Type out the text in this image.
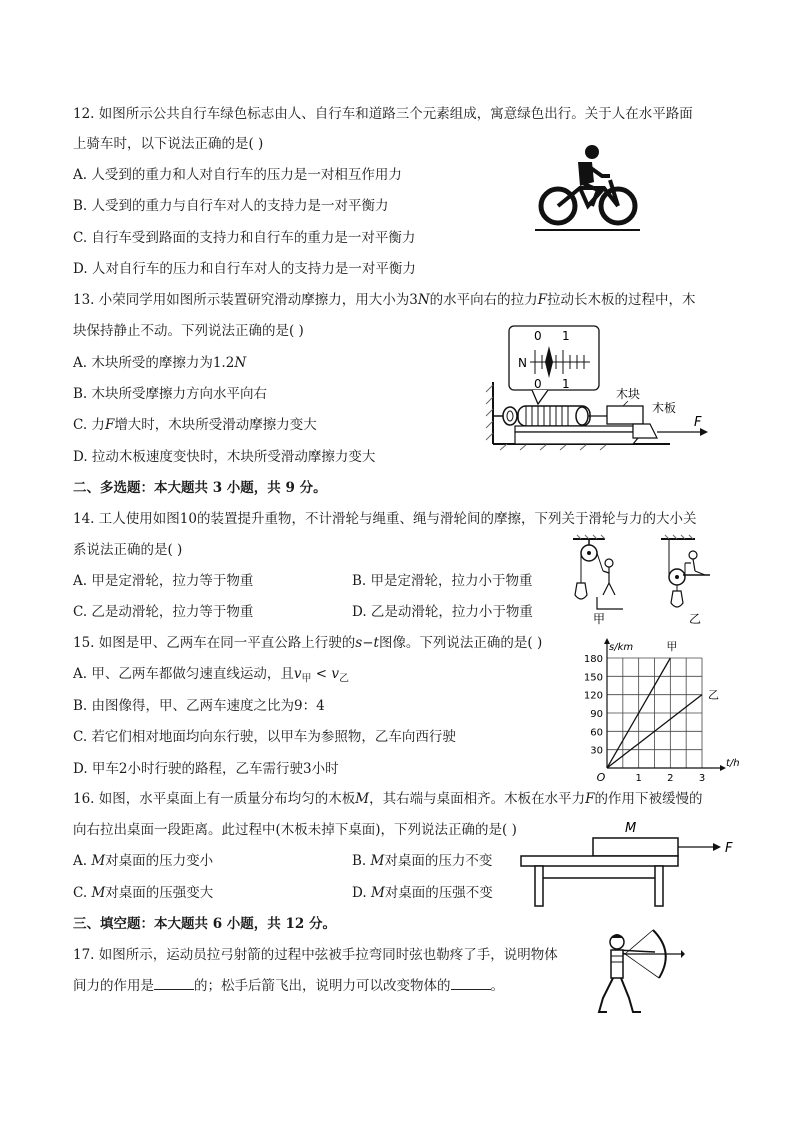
12. 如图所示公共自行车绿色标志由人、自行车和道路三个元素组成，寓意绿色出行。关于人在水平路面
上骑车时，以下说法正确的是( )
A. 人受到的重力和人对自行车的压力是一对相互作用力
B. 人受到的重力与自行车对人的支持力是一对平衡力
C. 自行车受到路面的支持力和自行车的重力是一对平衡力
D. 人对自行车的压力和自行车对人的支持力是一对平衡力
13. 小荣同学用如图所示装置研究滑动摩擦力，用大小为3N的水平向右的拉力F拉动长木板的过程中，木
块保持静止不动。下列说法正确的是( )
A. 木块所受的摩擦力为1.2N
B. 木块所受摩擦力方向水平向右
C. 力F增大时，木块所受滑动摩擦力变大
D. 拉动木板速度变快时，木块所受滑动摩擦力变大
0 1
0 1
N
木块
木板
F
二、多选题：本大题共 3 小题，共 9 分。
14. 工人使用如图10的装置提升重物，不计滑轮与绳重、绳与滑轮间的摩擦，下列关于滑轮与力的大小关
系说法正确的是( )
A. 甲是定滑轮，拉力等于物重	B. 甲是定滑轮，拉力小于物重
C. 乙是动滑轮，拉力等于物重	D. 乙是动滑轮，拉力小于物重	甲	乙
15. 如图是甲、乙两车在同一平直公路上行驶的s−t图像。下列说法正确的是( )
A. 甲、乙两车都做匀速直线运动，且$v_甲 < v_乙$
B. 由图像得，甲、乙两车速度之比为9：4
C. 若它们相对地面均向东行驶，以甲车为参照物，乙车向西行驶
D. 甲车2小时行驶的路程，乙车需行驶3小时
30
60
90
120
150
180
1	2	3
O
s/km
t/h
甲
乙
16. 如图，水平桌面上有一质量分布均匀的木板M，其右端与桌面相齐。木板在水平力F的作用下被缓慢的
向右拉出桌面一段距离。此过程中(木板未掉下桌面)，下列说法正确的是( )
A. M对桌面的压力变小	B. M对桌面的压力不变
C. M对桌面的压强变大	D. M对桌面的压强不变
M
F
三、填空题：本大题共 6 小题，共 12 分。
17. 如图所示，运动员拉弓射箭的过程中弦被手拉弯同时弦也勒疼了手，说明物体
间力的作用是	的；松手后箭飞出，说明力可以改变物体的	。
